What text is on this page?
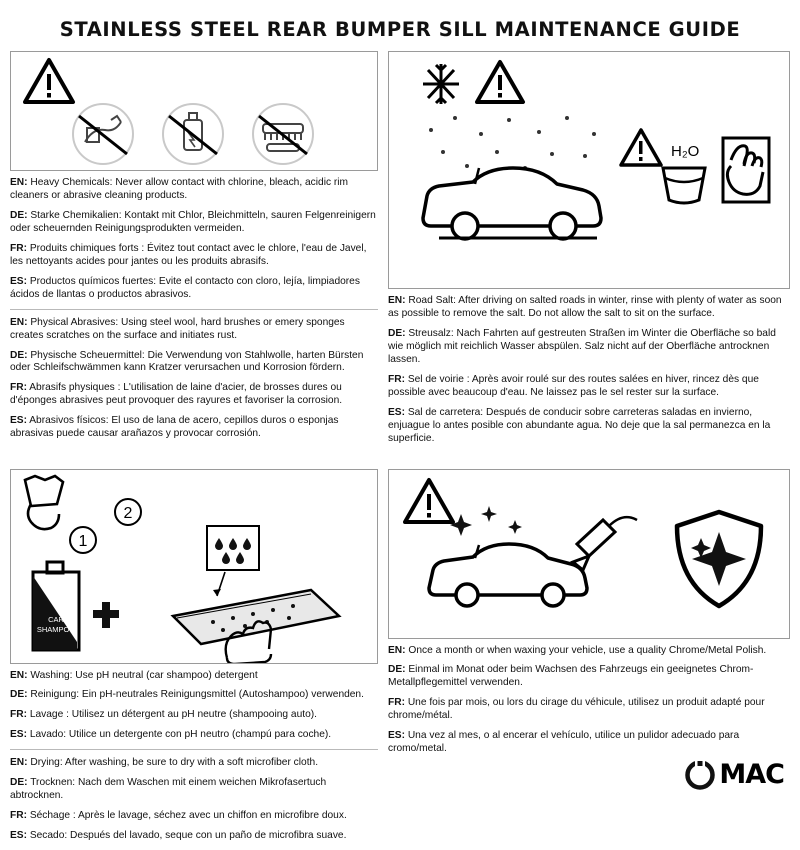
STAINLESS STEEL REAR BUMPER SILL MAINTENANCE GUIDE

EN: Heavy Chemicals: Never allow contact with chlorine, bleach, acidic rim cleaners or abrasive cleaning products.

DE: Starke Chemikalien: Kontakt mit Chlor, Bleichmitteln, sauren Felgenreinigern oder scheuernden Reinigungsprodukten vermeiden.

FR: Produits chimiques forts : Évitez tout contact avec le chlore, l'eau de Javel, les nettoyants acides pour jantes ou les produits abrasifs.

ES: Productos químicos fuertes: Evite el contacto con cloro, lejía, limpiadores ácidos de llantas o productos abrasivos.

EN: Physical Abrasives: Using steel wool, hard brushes or emery sponges creates scratches on the surface and initiates rust.

DE: Physische Scheuermittel: Die Verwendung von Stahlwolle, harten Bürsten oder Schleifschwämmen kann Kratzer verursachen und Korrosion fördern.

FR: Abrasifs physiques : L'utilisation de laine d'acier, de brosses dures ou d'éponges abrasives peut provoquer des rayures et favoriser la corrosion.

ES: Abrasivos físicos: El uso de lana de acero, cepillos duros o esponjas abrasivas puede causar arañazos y provocar corrosión.

H₂O

EN: Road Salt: After driving on salted roads in winter, rinse with plenty of water as soon as possible to remove the salt. Do not allow the salt to sit on the surface.

DE: Streusalz: Nach Fahrten auf gestreuten Straßen im Winter die Oberfläche so bald wie möglich mit reichlich Wasser abspülen. Salz nicht auf der Oberfläche antrocknen lassen.

FR: Sel de voirie : Après avoir roulé sur des routes salées en hiver, rincez dès que possible avec beaucoup d'eau. Ne laissez pas le sel rester sur la surface.

ES: Sal de carretera: Después de conducir sobre carreteras saladas en invierno, enjuague lo antes posible con abundante agua. No deje que la sal permanezca en la superficie.

1
2
CAR
SHAMPOO

EN: Washing: Use pH neutral (car shampoo) detergent

DE: Reinigung: Ein pH-neutrales Reinigungsmittel (Autoshampoo) verwenden.

FR: Lavage : Utilisez un détergent au pH neutre (shampooing auto).

ES: Lavado: Utilice un detergente con pH neutro (champú para coche).

EN: Drying: After washing, be sure to dry with a soft microfiber cloth.

DE: Trocknen: Nach dem Waschen mit einem weichen Mikrofasertuch abtrocknen.

FR: Séchage : Après le lavage, séchez avec un chiffon en microfibre doux.

ES: Secado: Después del lavado, seque con un paño de microfibra suave.

EN: Once a month or when waxing your vehicle, use a quality Chrome/Metal Polish.

DE: Einmal im Monat oder beim Wachsen des Fahrzeugs ein geeignetes Chrom-Metallpflegemittel verwenden.

FR: Une fois par mois, ou lors du cirage du véhicule, utilisez un produit adapté pour chrome/métal.

ES: Una vez al mes, o al encerar el vehículo, utilice un pulidor adecuado para cromo/metal.

MAC
